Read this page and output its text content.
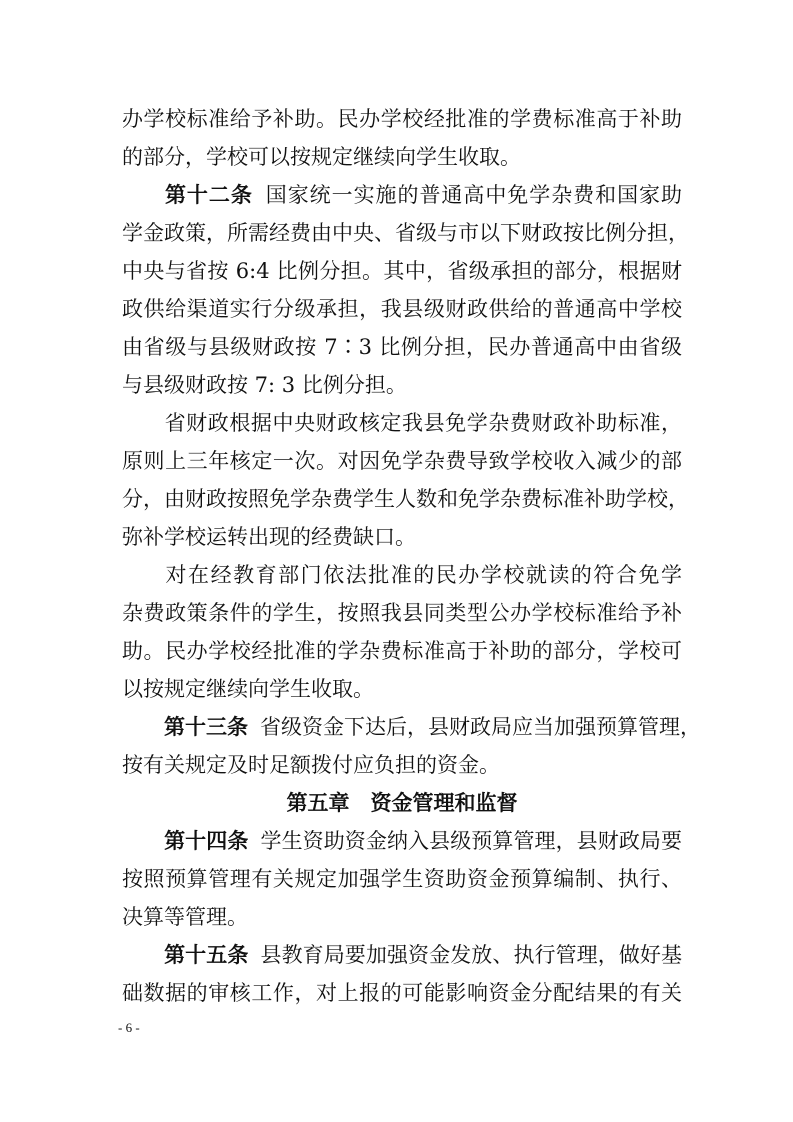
办学校标准给予补助。民办学校经批准的学费标准高于补助
的部分，学校可以按规定继续向学生收取。
第十二条 国家统一实施的普通高中免学杂费和国家助
学金政策，所需经费由中央、省级与市以下财政按比例分担，
中央与省按 6:4 比例分担。其中，省级承担的部分，根据财
政供给渠道实行分级承担，我县级财政供给的普通高中学校
由省级与县级财政按 7∶3 比例分担，民办普通高中由省级
与县级财政按 7: 3 比例分担。
省财政根据中央财政核定我县免学杂费财政补助标准，
原则上三年核定一次。对因免学杂费导致学校收入减少的部
分，由财政按照免学杂费学生人数和免学杂费标准补助学校，
弥补学校运转出现的经费缺口。
对在经教育部门依法批准的民办学校就读的符合免学
杂费政策条件的学生，按照我县同类型公办学校标准给予补
助。民办学校经批准的学杂费标准高于补助的部分，学校可
以按规定继续向学生收取。
第十三条 省级资金下达后，县财政局应当加强预算管理，
按有关规定及时足额拨付应负担的资金。
第五章　资金管理和监督
第十四条 学生资助资金纳入县级预算管理，县财政局要
按照预算管理有关规定加强学生资助资金预算编制、执行、
决算等管理。
第十五条 县教育局要加强资金发放、执行管理，做好基
础数据的审核工作，对上报的可能影响资金分配结果的有关
- 6 -
